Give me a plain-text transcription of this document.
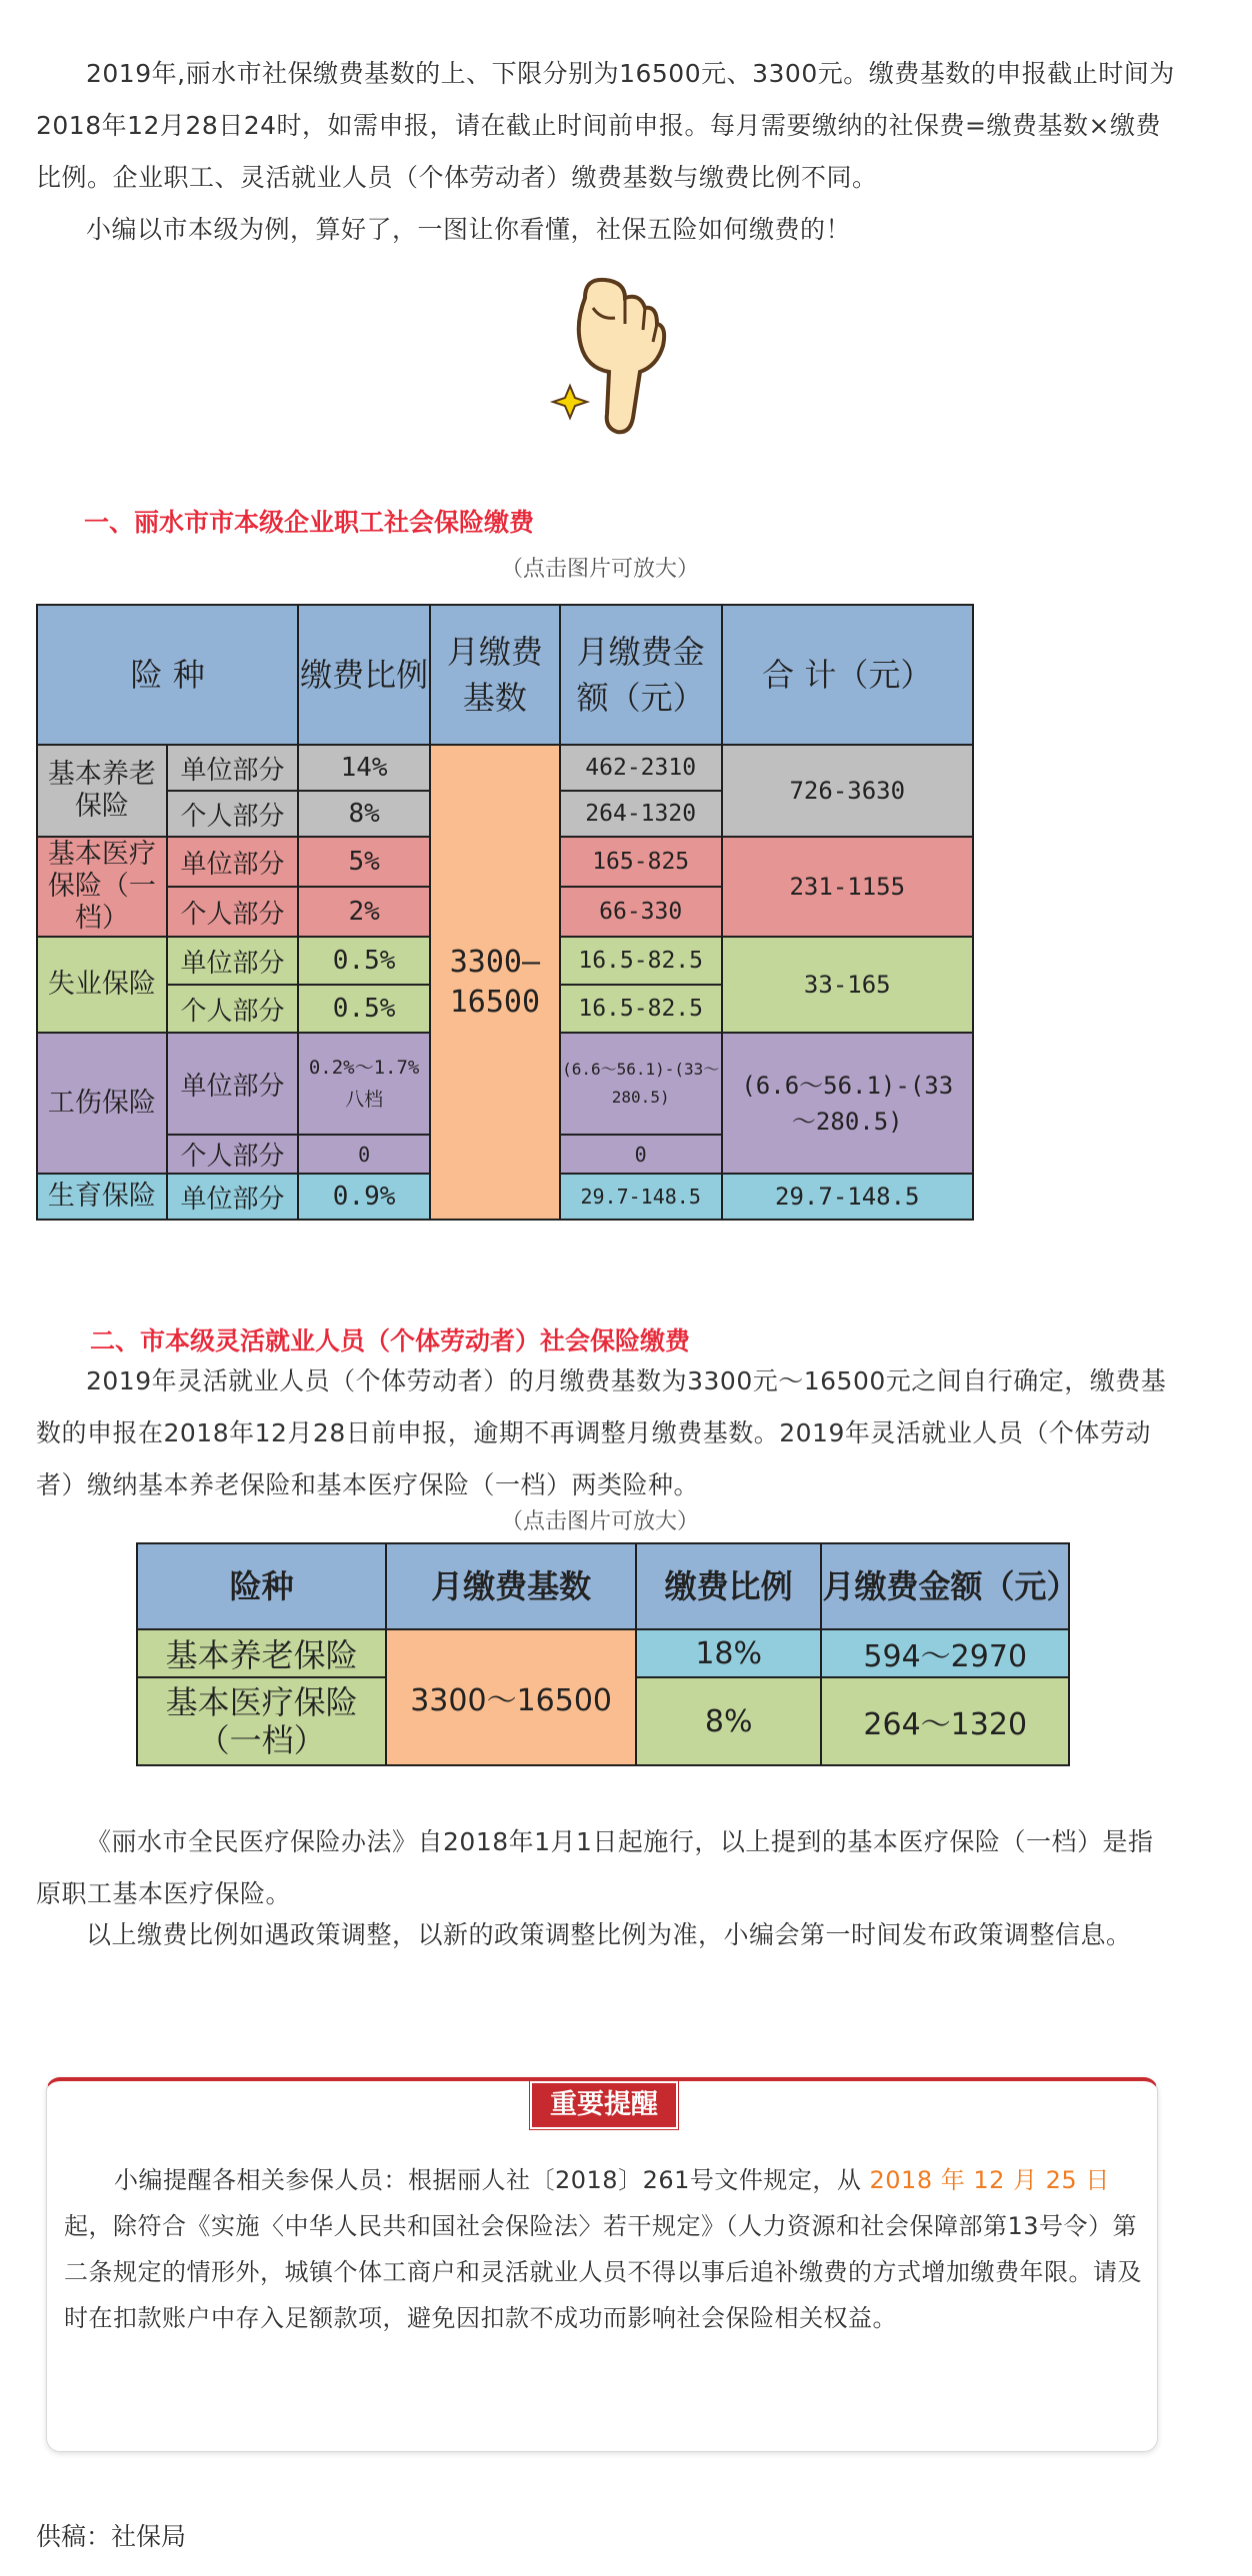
2019年,丽水市社保缴费基数的上、下限分别为16500元、3300元。缴费基数的申报截止时间为2018年12月28日24时，如需申报，请在截止时间前申报。每月需要缴纳的社保费=缴费基数×缴费比例。企业职工、灵活就业人员（个体劳动者）缴费基数与缴费比例不同。

小编以市本级为例，算好了，一图让你看懂，社保五险如何缴费的！

一、丽水市市本级企业职工社会保险缴费
（点击图片可放大）
险 种		缴费比例	月缴费基数	月缴费金额（元）	合 计（元）
基本养老保险	单位部分	14%	3300—16500	462-2310	726-3630
	个人部分	8%		264-1320	
基本医疗保险（一档）	单位部分	5%		165-825	231-1155
	个人部分	2%		66-330	
失业保险	单位部分	0.5%		16.5-82.5	33-165
	个人部分	0.5%		16.5-82.5	
工伤保险	单位部分	0.2%～1.7%八档		(6.6～56.1)-(33～280.5)	(6.6～56.1)-(33～280.5)
	个人部分	0		0	
生育保险	单位部分	0.9%		29.7-148.5	29.7-148.5
二、市本级灵活就业人员（个体劳动者）社会保险缴费

2019年灵活就业人员（个体劳动者）的月缴费基数为3300元～16500元之间自行确定，缴费基数的申报在2018年12月28日前申报，逾期不再调整月缴费基数。2019年灵活就业人员（个体劳动者）缴纳基本养老保险和基本医疗保险（一档）两类险种。

（点击图片可放大）
险种	月缴费基数	缴费比例	月缴费金额（元）
基本养老保险	3300～16500	18%	594～2970
基本医疗保险（一档）		8%	264～1320

《丽水市全民医疗保险办法》自2018年1月1日起施行，以上提到的基本医疗保险（一档）是指原职工基本医疗保险。

以上缴费比例如遇政策调整，以新的政策调整比例为准，小编会第一时间发布政策调整信息。

重要提醒

小编提醒各相关参保人员：根据丽人社〔2018〕261号文件规定，从 2018 年 12 月 25 日起，除符合《实施〈中华人民共和国社会保险法〉若干规定》（人力资源和社会保障部第13号令）第二条规定的情形外，城镇个体工商户和灵活就业人员不得以事后追补缴费的方式增加缴费年限。请及时在扣款账户中存入足额款项，避免因扣款不成功而影响社会保险相关权益。

供稿：社保局
